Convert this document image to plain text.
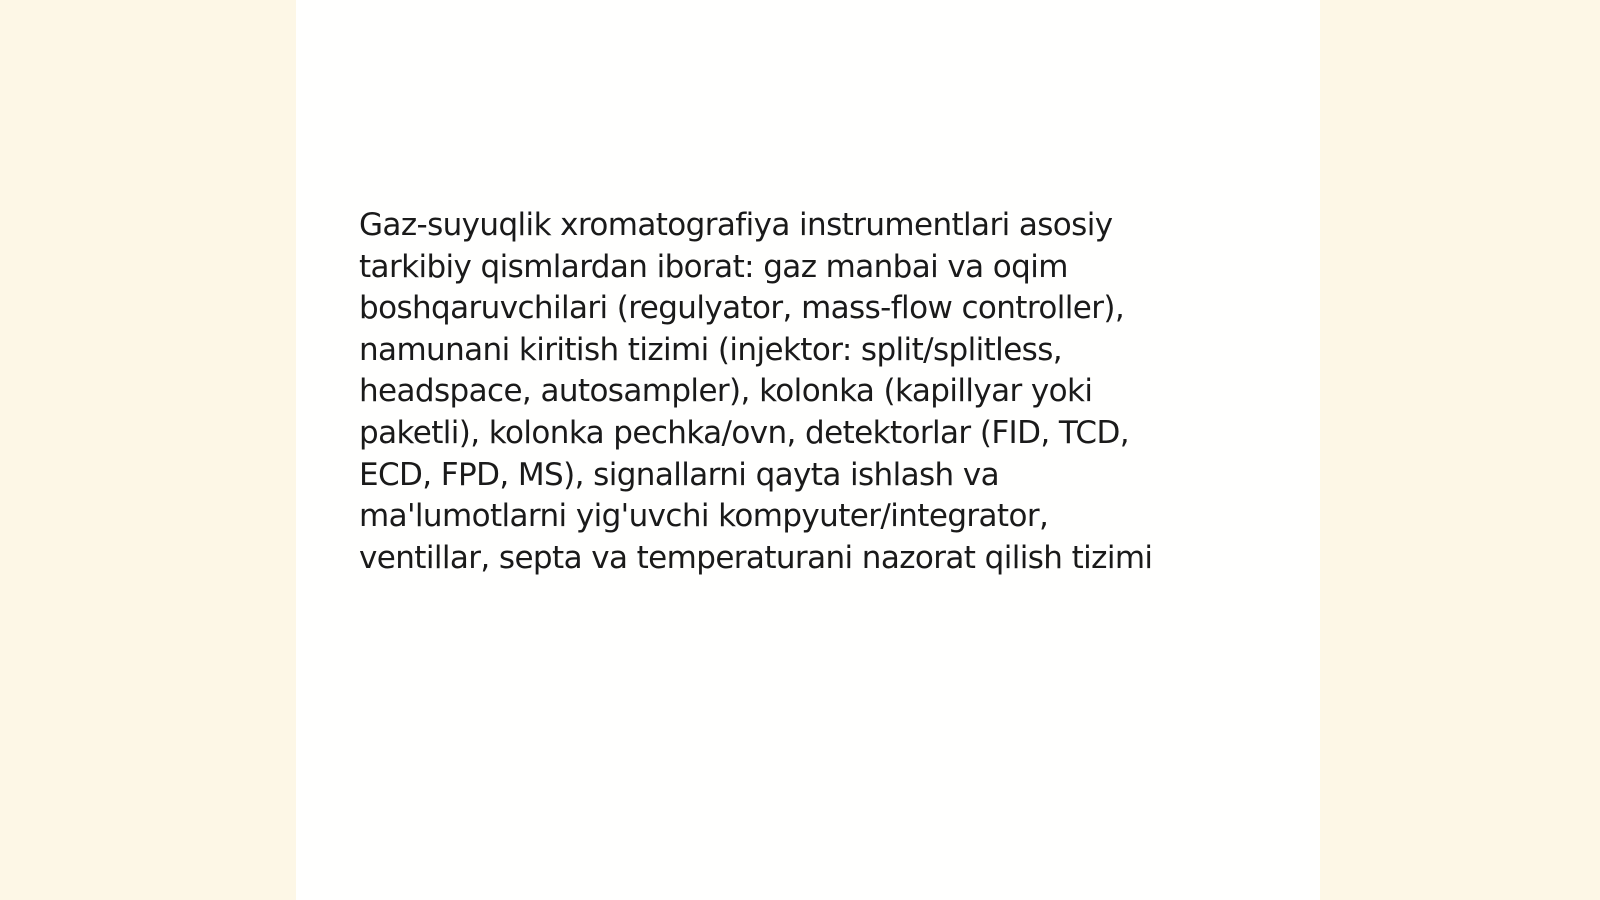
Gaz-suyuqlik xromatografiya instrumentlari asosiy
tarkibiy qismlardan iborat: gaz manbai va oqim
boshqaruvchilari (regulyator, mass-flow controller),
namunani kiritish tizimi (injektor: split/splitless,
headspace, autosampler), kolonka (kapillyar yoki
paketli), kolonka pechka/ovn, detektorlar (FID, TCD,
ECD, FPD, MS), signallarni qayta ishlash va
ma'lumotlarni yig'uvchi kompyuter/integrator,
ventillar, septa va temperaturani nazorat qilish tizimi
